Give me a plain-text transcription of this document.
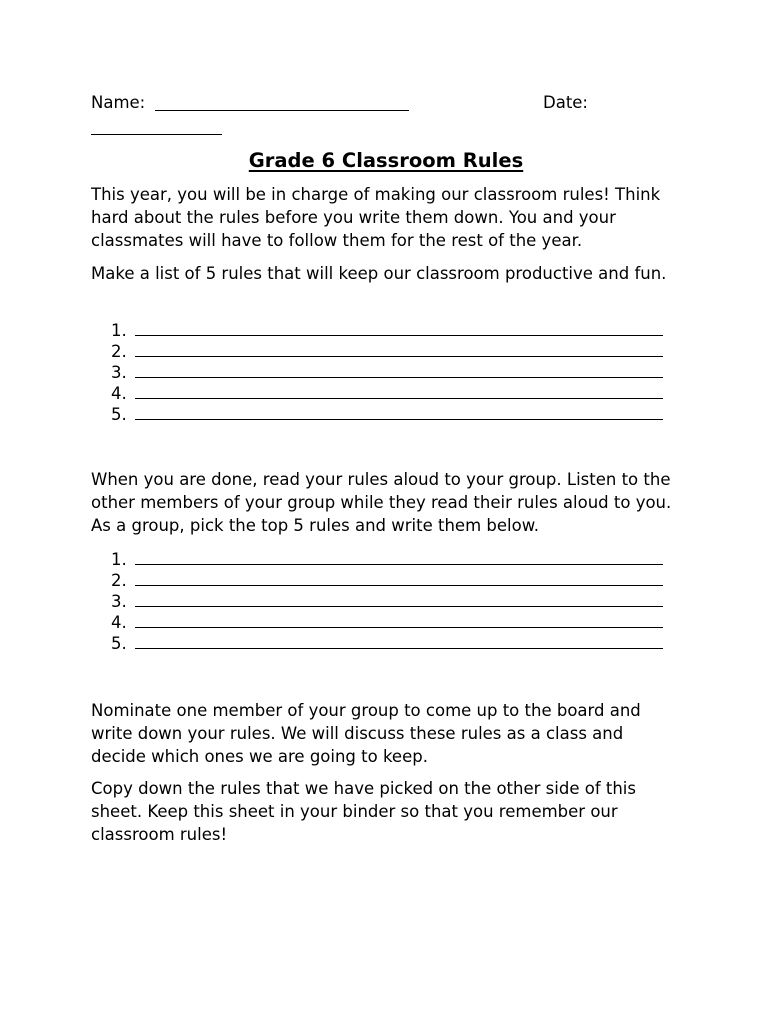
Name:	Date:
Grade 6 Classroom Rules

This year, you will be in charge of making our classroom rules! Think hard about the rules before you write them down. You and your classmates will have to follow them for the rest of the year.

Make a list of 5 rules that will keep our classroom productive and fun.

1.
2.
3.
4.
5.

When you are done, read your rules aloud to your group. Listen to the other members of your group while they read their rules aloud to you. As a group, pick the top 5 rules and write them below.

1.
2.
3.
4.
5.

Nominate one member of your group to come up to the board and write down your rules. We will discuss these rules as a class and decide which ones we are going to keep.

Copy down the rules that we have picked on the other side of this sheet. Keep this sheet in your binder so that you remember our classroom rules!
